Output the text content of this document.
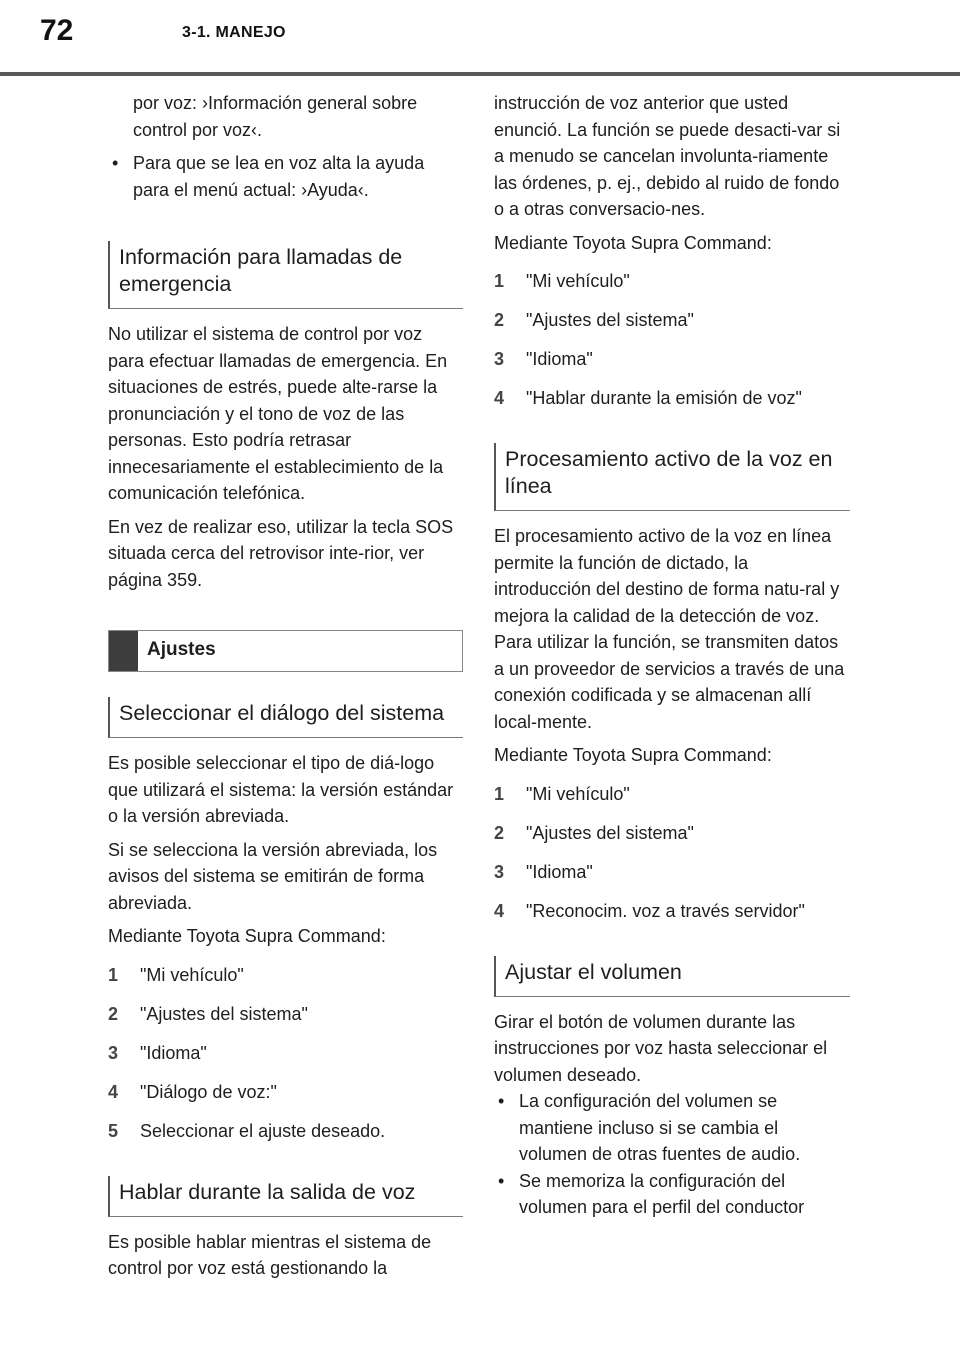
72	3-1. MANEJO
por voz: ›Información general sobre control por voz‹.
• Para que se lea en voz alta la ayuda para el menú actual: ›Ayuda‹.
Información para llamadas de emergencia
No utilizar el sistema de control por voz para efectuar llamadas de emergencia. En situaciones de estrés, puede alte-rarse la pronunciación y el tono de voz de las personas. Esto podría retrasar innecesariamente el establecimiento de la comunicación telefónica.
En vez de realizar eso, utilizar la tecla SOS situada cerca del retrovisor inte-rior, ver página 359.
Ajustes
Seleccionar el diálogo del sistema
Es posible seleccionar el tipo de diá-logo que utilizará el sistema: la versión estándar o la versión abreviada.
Si se selecciona la versión abreviada, los avisos del sistema se emitirán de forma abreviada.
Mediante Toyota Supra Command:
1 "Mi vehículo"
2 "Ajustes del sistema"
3 "Idioma"
4 "Diálogo de voz:"
5 Seleccionar el ajuste deseado.
Hablar durante la salida de voz
Es posible hablar mientras el sistema de control por voz está gestionando la
instrucción de voz anterior que usted enunció. La función se puede desacti-var si a menudo se cancelan involunta-riamente las órdenes, p. ej., debido al ruido de fondo o a otras conversacio-nes.
Mediante Toyota Supra Command:
1 "Mi vehículo"
2 "Ajustes del sistema"
3 "Idioma"
4 "Hablar durante la emisión de voz"
Procesamiento activo de la voz en línea
El procesamiento activo de la voz en línea permite la función de dictado, la introducción del destino de forma natu-ral y mejora la calidad de la detección de voz. Para utilizar la función, se transmiten datos a un proveedor de servicios a través de una conexión codificada y se almacenan allí local-mente.
Mediante Toyota Supra Command:
1 "Mi vehículo"
2 "Ajustes del sistema"
3 "Idioma"
4 "Reconocim. voz a través servidor"
Ajustar el volumen
Girar el botón de volumen durante las instrucciones por voz hasta seleccionar el volumen deseado.
• La configuración del volumen se mantiene incluso si se cambia el volumen de otras fuentes de audio.
• Se memoriza la configuración del volumen para el perfil del conductor
